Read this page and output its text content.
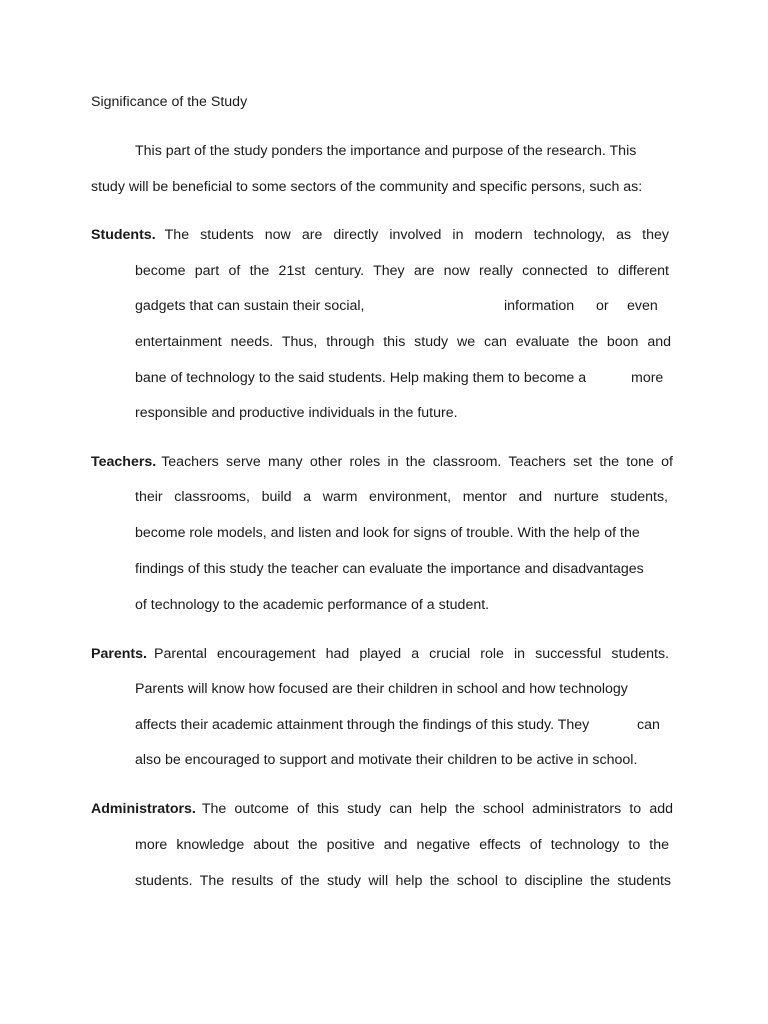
Significance of the Study
This part of the study ponders the importance and purpose of the research. This
study will be beneficial to some sectors of the community and specific persons, such as:
Students. The students now are directly involved in modern technology, as they
become part of the 21st century. They are now really connected to different
gadgets that can sustain their social,	information or even
entertainment needs. Thus, through this study we can evaluate the boon and
bane of technology to the said students. Help making them to become a	more
responsible and productive individuals in the future.
Teachers. Teachers serve many other roles in the classroom. Teachers set the tone of
their classrooms, build a warm environment, mentor and nurture students,
become role models, and listen and look for signs of trouble. With the help of the
findings of this study the teacher can evaluate the importance and disadvantages
of technology to the academic performance of a student.
Parents. Parental encouragement had played a crucial role in successful students.
Parents will know how focused are their children in school and how technology
affects their academic attainment through the findings of this study. They	can
also be encouraged to support and motivate their children to be active in school.
Administrators. The outcome of this study can help the school administrators to add
more knowledge about the positive and negative effects of technology to the
students. The results of the study will help the school to discipline the students
